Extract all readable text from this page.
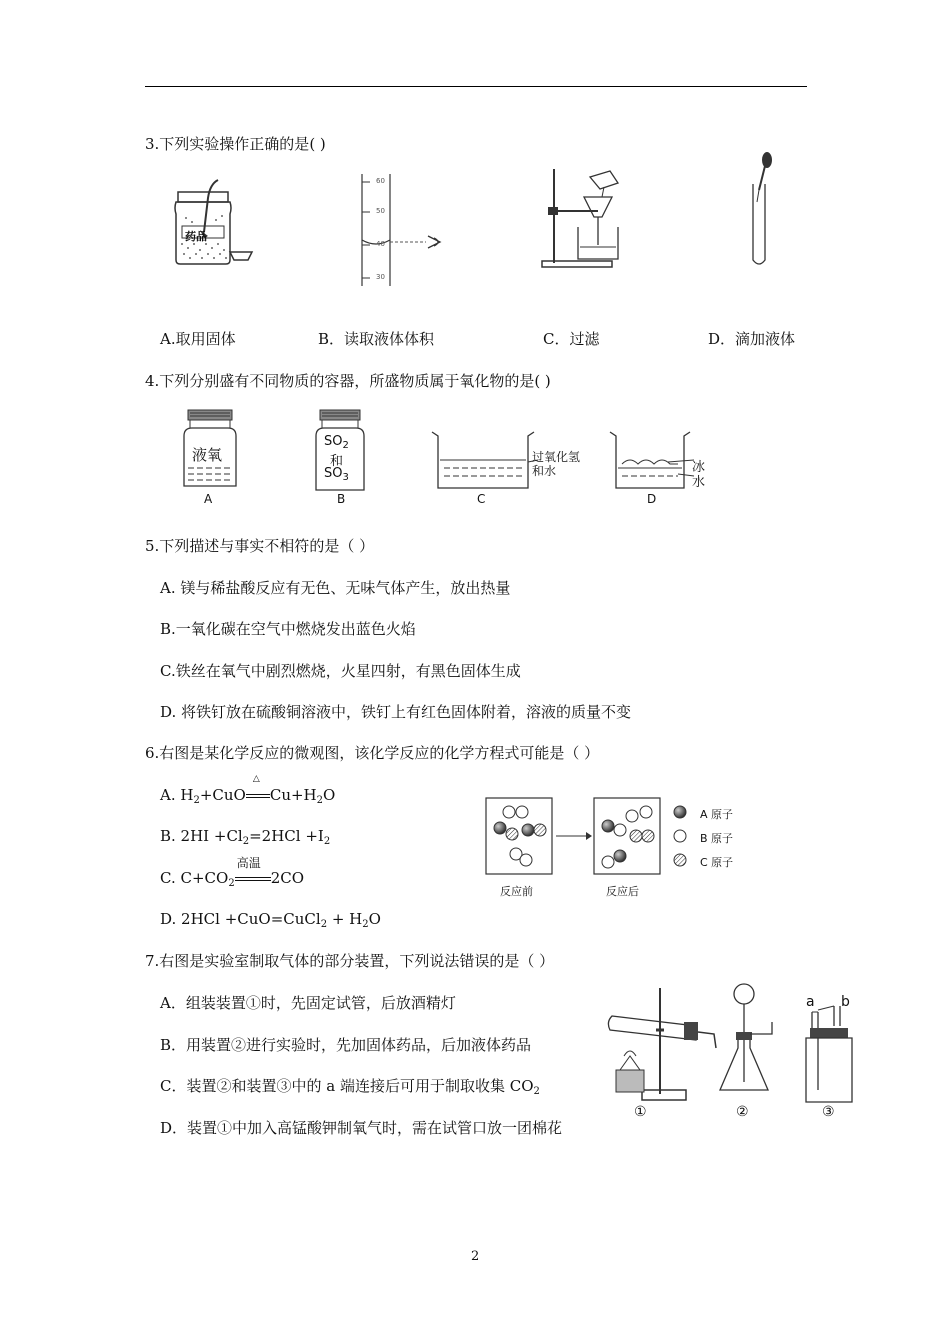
3.下列实验操作正确的是( )
药品
60
50
40
30
A.取用固体	B．读取液体体积	C．过滤	D．滴加液体
4.下列分别盛有不同物质的容器，所盛物质属于氧化物的是( )
液氧
$SO_2$
和
$SO_3$
过氧化氢
和水	冰
水
A	B	C	D
5.下列描述与事实不相符的是（ ）
A. 镁与稀盐酸反应有无色、无味气体产生，放出热量
B.一氧化碳在空气中燃烧发出蓝色火焰
C.铁丝在氧气中剧烈燃烧，火星四射，有黑色固体生成
D. 将铁钉放在硫酸铜溶液中，铁钉上有红色固体附着，溶液的质量不变
6.右图是某化学反应的微观图，该化学反应的化学方程式可能是（ ）
A. $H_2+CuO$
△
$Cu+H_2O$
B. $2HI +Cl_2=2HCl +I_2$
C. $C+CO_2$
高温
2CO
D. 2HCl +CuO=CuCl$_2$ + $H_2O$
A 原子
B 原子
C 原子
反应前	反应后
7.右图是实验室制取气体的部分装置，下列说法错误的是（ ）
A．组装装置①时，先固定试管，后放酒精灯
B．用装置②进行实验时，先加固体药品，后加液体药品
C．装置②和装置③中的 a 端连接后可用于制取收集 $CO_2$
D．装置①中加入高锰酸钾制氧气时，需在试管口放一团棉花
a b
①	②	③
2
